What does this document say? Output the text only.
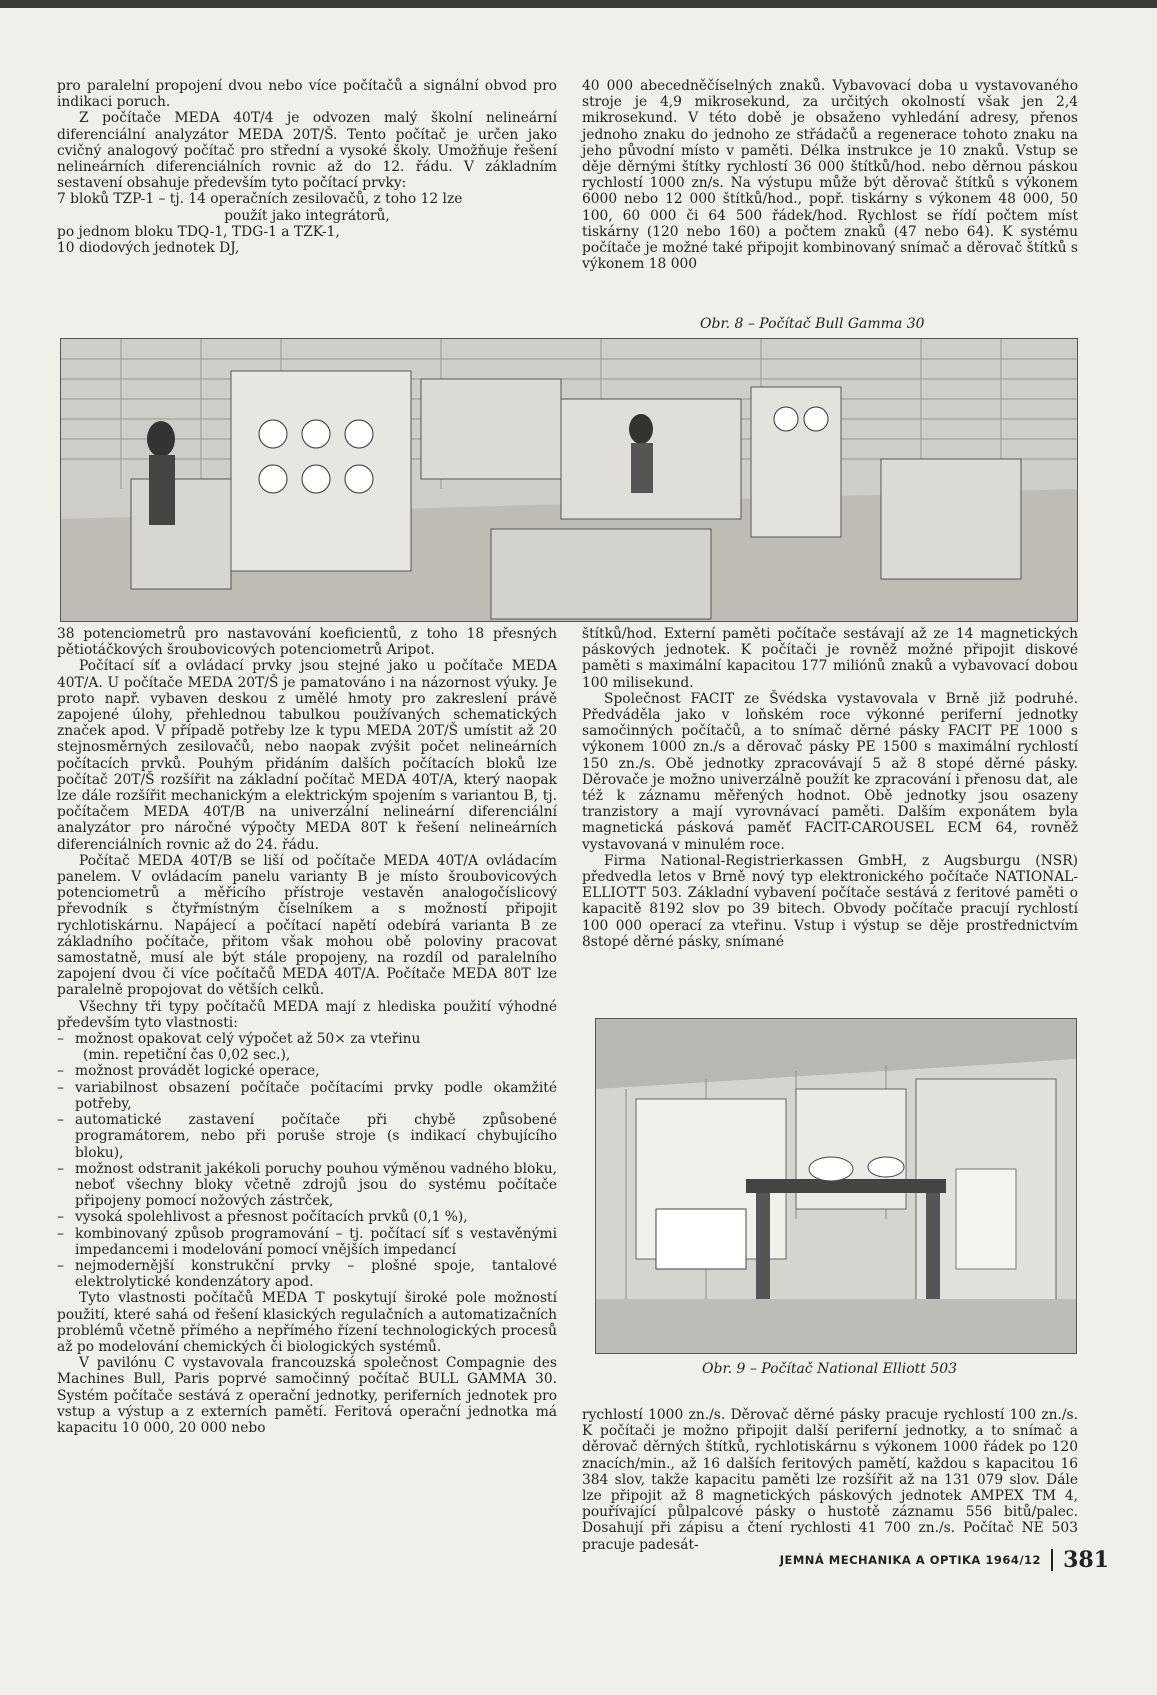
pro paralelní propojení dvou nebo více počítačů a signální obvod pro indikaci poruch.

Z počítače MEDA 40T/4 je odvozen malý školní nelineární diferenciální analyzátor MEDA 20T/Š. Tento počítač je určen jako cvičný analogový počítač pro střední a vysoké školy. Umožňuje řešení nelineárních diferenciálních rovnic až do 12. řádu. V základním sestavení obsahuje především tyto počítací prvky:

7 bloků TZP-1 – tj. 14 operačních zesilovačů, z toho 12 lze

použít jako integrátorů,

po jednom bloku TDQ-1, TDG-1 a TZK-1,

10 diodových jednotek DJ,

40 000 abecedněčíselných znaků. Vybavovací doba u vystavovaného stroje je 4,9 mikrosekund, za určitých okolností však jen 2,4 mikrosekund. V této době je obsaženo vyhledání adresy, přenos jednoho znaku do jednoho ze střádačů a regenerace tohoto znaku na jeho původní místo v paměti. Délka instrukce je 10 znaků. Vstup se děje děrnými štítky rychlostí 36 000 štítků/hod. nebo děrnou páskou rychlostí 1000 zn/s. Na výstupu může být děrovač štítků s výkonem 6000 nebo 12 000 štítků/hod., popř. tiskárny s výkonem 48 000, 50 100, 60 000 či 64 500 řádek/hod. Rychlost se řídí počtem míst tiskárny (120 nebo 160) a počtem znaků (47 nebo 64). K systému počítače je možné také připojit kombinovaný snímač a děrovač štítků s výkonem 18 000

Obr. 8 – Počítač Bull Gamma 30

38 potenciometrů pro nastavování koeficientů, z toho 18 přesných pětiotáčkových šroubovicových potenciometrů Aripot.

Počítací síť a ovládací prvky jsou stejné jako u počítače MEDA 40T/A. U počítače MEDA 20T/Š je pamatováno i na názornost výuky. Je proto např. vybaven deskou z umělé hmoty pro zakreslení právě zapojené úlohy, přehlednou tabulkou používaných schematických značek apod. V případě potřeby lze k typu MEDA 20T/Š umístit až 20 stejnosměrných zesilovačů, nebo naopak zvýšit počet nelineárních počítacích prvků. Pouhým přidáním dalších počítacích bloků lze počítač 20T/Š rozšířit na základní počítač MEDA 40T/A, který naopak lze dále rozšířit mechanickým a elektrickým spojením s variantou B, tj. počítačem MEDA 40T/B na univerzální nelineární diferenciální analyzátor pro náročné výpočty MEDA 80T k řešení nelineárních diferenciálních rovnic až do 24. řádu.

Počítač MEDA 40T/B se liší od počítače MEDA 40T/A ovládacím panelem. V ovládacím panelu varianty B je místo šroubovicových potenciometrů a měřicího přístroje vestavěn analogočíslicový převodník s čtyřmístným číselníkem a s možností připojit rychlotiskárnu. Napájecí a počítací napětí odebírá varianta B ze základního počítače, přitom však mohou obě poloviny pracovat samostatně, musí ale být stále propojeny, na rozdíl od paralelního zapojení dvou či více počítačů MEDA 40T/A. Počítače MEDA 80T lze paralelně propojovat do větších celků.

Všechny tři typy počítačů MEDA mají z hlediska použití výhodné především tyto vlastnosti:

– možnost opakovat celý výpočet až 50× za vteřinu

(min. repetiční čas 0,02 sec.),

– možnost provádět logické operace,

– variabilnost obsazení počítače počítacími prvky podle okamžité potřeby,

– automatické zastavení počítače při chybě způsobené programátorem, nebo při poruše stroje (s indikací chybujícího bloku),

– možnost odstranit jakékoli poruchy pouhou výměnou vadného bloku, neboť všechny bloky včetně zdrojů jsou do systému počítače připojeny pomocí nožových zástrček,

– vysoká spolehlivost a přesnost počítacích prvků (0,1 %),

– kombinovaný způsob programování – tj. počítací síť s vestavěnými impedancemi i modelování pomocí vnějších impedancí

– nejmodernější konstrukční prvky – plošné spoje, tantalové elektrolytické kondenzátory apod.

Tyto vlastnosti počítačů MEDA T poskytují široké pole možností použití, které sahá od řešení klasických regulačních a automatizačních problémů včetně přímého a nepřímého řízení technologických procesů až po modelování chemických či biologických systémů.

V pavilónu C vystavovala francouzská společnost Compagnie des Machines Bull, Paris poprvé samočinný počítač BULL GAMMA 30. Systém počítače sestává z operační jednotky, periferních jednotek pro vstup a výstup a z externích pamětí. Feritová operační jednotka má kapacitu 10 000, 20 000 nebo

štítků/hod. Externí paměti počítače sestávají až ze 14 magnetických páskových jednotek. K počítači je rovněž možné připojit diskové paměti s maximální kapacitou 177 miliónů znaků a vybavovací dobou 100 milisekund.

Společnost FACIT ze Švédska vystavovala v Brně již podruhé. Předváděla jako v loňském roce výkonné periferní jednotky samočinných počítačů, a to snímač děrné pásky FACIT PE 1000 s výkonem 1000 zn./s a děrovač pásky PE 1500 s maximální rychlostí 150 zn./s. Obě jednotky zpracovávají 5 až 8 stopé děrné pásky. Děrovače je možno univerzálně použít ke zpracování i přenosu dat, ale též k záznamu měřených hodnot. Obě jednotky jsou osazeny tranzistory a mají vyrovnávací paměti. Dalším exponátem byla magnetická pásková paměť FACIT-CAROUSEL ECM 64, rovněž vystavovaná v minulém roce.

Firma National-Registrierkassen GmbH, z Augsburgu (NSR) předvedla letos v Brně nový typ elektronického počítače NATIONAL-ELLIOTT 503. Základní vybavení počítače sestává z feritové paměti o kapacitě 8192 slov po 39 bitech. Obvody počítače pracují rychlostí 100 000 operací za vteřinu. Vstup i výstup se děje prostřednictvím 8stopé děrné pásky, snímané

Obr. 9 – Počítač National Elliott 503

rychlostí 1000 zn./s. Děrovač děrné pásky pracuje rychlostí 100 zn./s. K počítači je možno připojit další periferní jednotky, a to snímač a děrovač děrných štítků, rychlotiskárnu s výkonem 1000 řádek po 120 znacích/min., až 16 dalších feritových pamětí, každou s kapacitou 16 384 slov, takže kapacitu paměti lze rozšířit až na 131 079 slov. Dále lze připojit až 8 magnetických páskových jednotek AMPEX TM 4, pouřívající půlpalcové pásky o hustotě záznamu 556 bitů/palec. Dosahují při zápisu a čtení rychlosti 41 700 zn./s. Počítač NE 503 pracuje padesát-

JEMNÁ MECHANIKA A OPTIKA 1964/12 381
